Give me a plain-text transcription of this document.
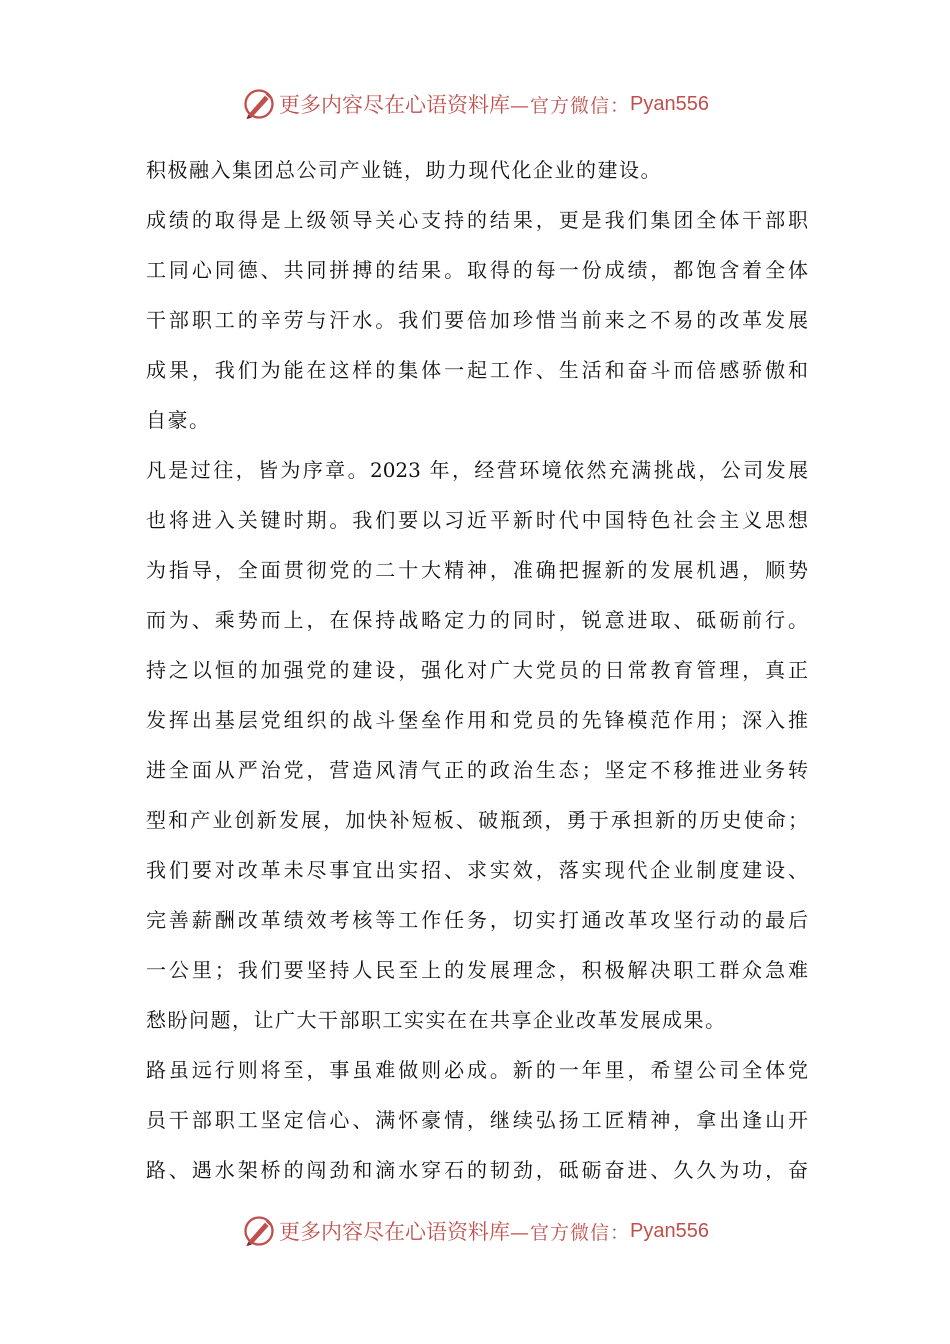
更多内容尽在心语资料库 —官方微信： Pyan556
积极融入集团总公司产业链，助力现代化企业的建设。
成绩的取得是上级领导关心支持的结果，更是我们集团全体干部职
工同心同德、共同拼搏的结果。取得的每一份成绩，都饱含着全体
干部职工的辛劳与汗水。我们要倍加珍惜当前来之不易的改革发展
成果，我们为能在这样的集体一起工作、生活和奋斗而倍感骄傲和
自豪。
凡是过往，皆为序章。2023 年，经营环境依然充满挑战，公司发展
也将进入关键时期。我们要以习近平新时代中国特色社会主义思想
为指导，全面贯彻党的二十大精神，准确把握新的发展机遇，顺势
而为、乘势而上，在保持战略定力的同时，锐意进取、砥砺前行。
持之以恒的加强党的建设，强化对广大党员的日常教育管理，真正
发挥出基层党组织的战斗堡垒作用和党员的先锋模范作用；深入推
进全面从严治党，营造风清气正的政治生态；坚定不移推进业务转
型和产业创新发展，加快补短板、破瓶颈，勇于承担新的历史使命；
我们要对改革未尽事宜出实招、求实效，落实现代企业制度建设、
完善薪酬改革绩效考核等工作任务，切实打通改革攻坚行动的最后
一公里；我们要坚持人民至上的发展理念，积极解决职工群众急难
愁盼问题，让广大干部职工实实在在共享企业改革发展成果。
路虽远行则将至，事虽难做则必成。新的一年里，希望公司全体党
员干部职工坚定信心、满怀豪情，继续弘扬工匠精神，拿出逢山开
路、遇水架桥的闯劲和滴水穿石的韧劲，砥砺奋进、久久为功，奋
更多内容尽在心语资料库 —官方微信： Pyan556
